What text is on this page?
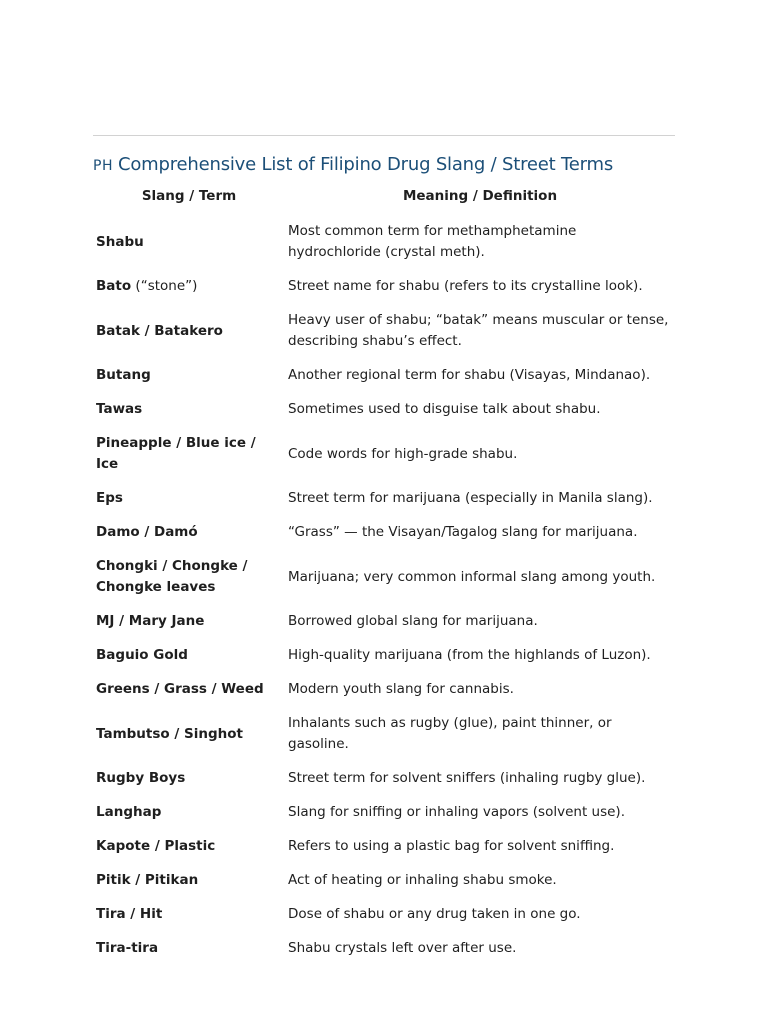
PH Comprehensive List of Filipino Drug Slang / Street Terms
Slang / Term	Meaning / Definition
Shabu	Most common term for methamphetamine hydrochloride (crystal meth).
Bato (“stone”)	Street name for shabu (refers to its crystalline look).
Batak / Batakero	Heavy user of shabu; “batak” means muscular or tense, describing shabu’s effect.
Butang	Another regional term for shabu (Visayas, Mindanao).
Tawas	Sometimes used to disguise talk about shabu.
Pineapple / Blue ice / Ice	Code words for high-grade shabu.
Eps	Street term for marijuana (especially in Manila slang).
Damo / Damó	“Grass” — the Visayan/Tagalog slang for marijuana.
Chongki / Chongke / Chongke leaves	Marijuana; very common informal slang among youth.
MJ / Mary Jane	Borrowed global slang for marijuana.
Baguio Gold	High-quality marijuana (from the highlands of Luzon).
Greens / Grass / Weed	Modern youth slang for cannabis.
Tambutso / Singhot	Inhalants such as rugby (glue), paint thinner, or gasoline.
Rugby Boys	Street term for solvent sniffers (inhaling rugby glue).
Langhap	Slang for sniffing or inhaling vapors (solvent use).
Kapote / Plastic	Refers to using a plastic bag for solvent sniffing.
Pitik / Pitikan	Act of heating or inhaling shabu smoke.
Tira / Hit	Dose of shabu or any drug taken in one go.
Tira-tira	Shabu crystals left over after use.
